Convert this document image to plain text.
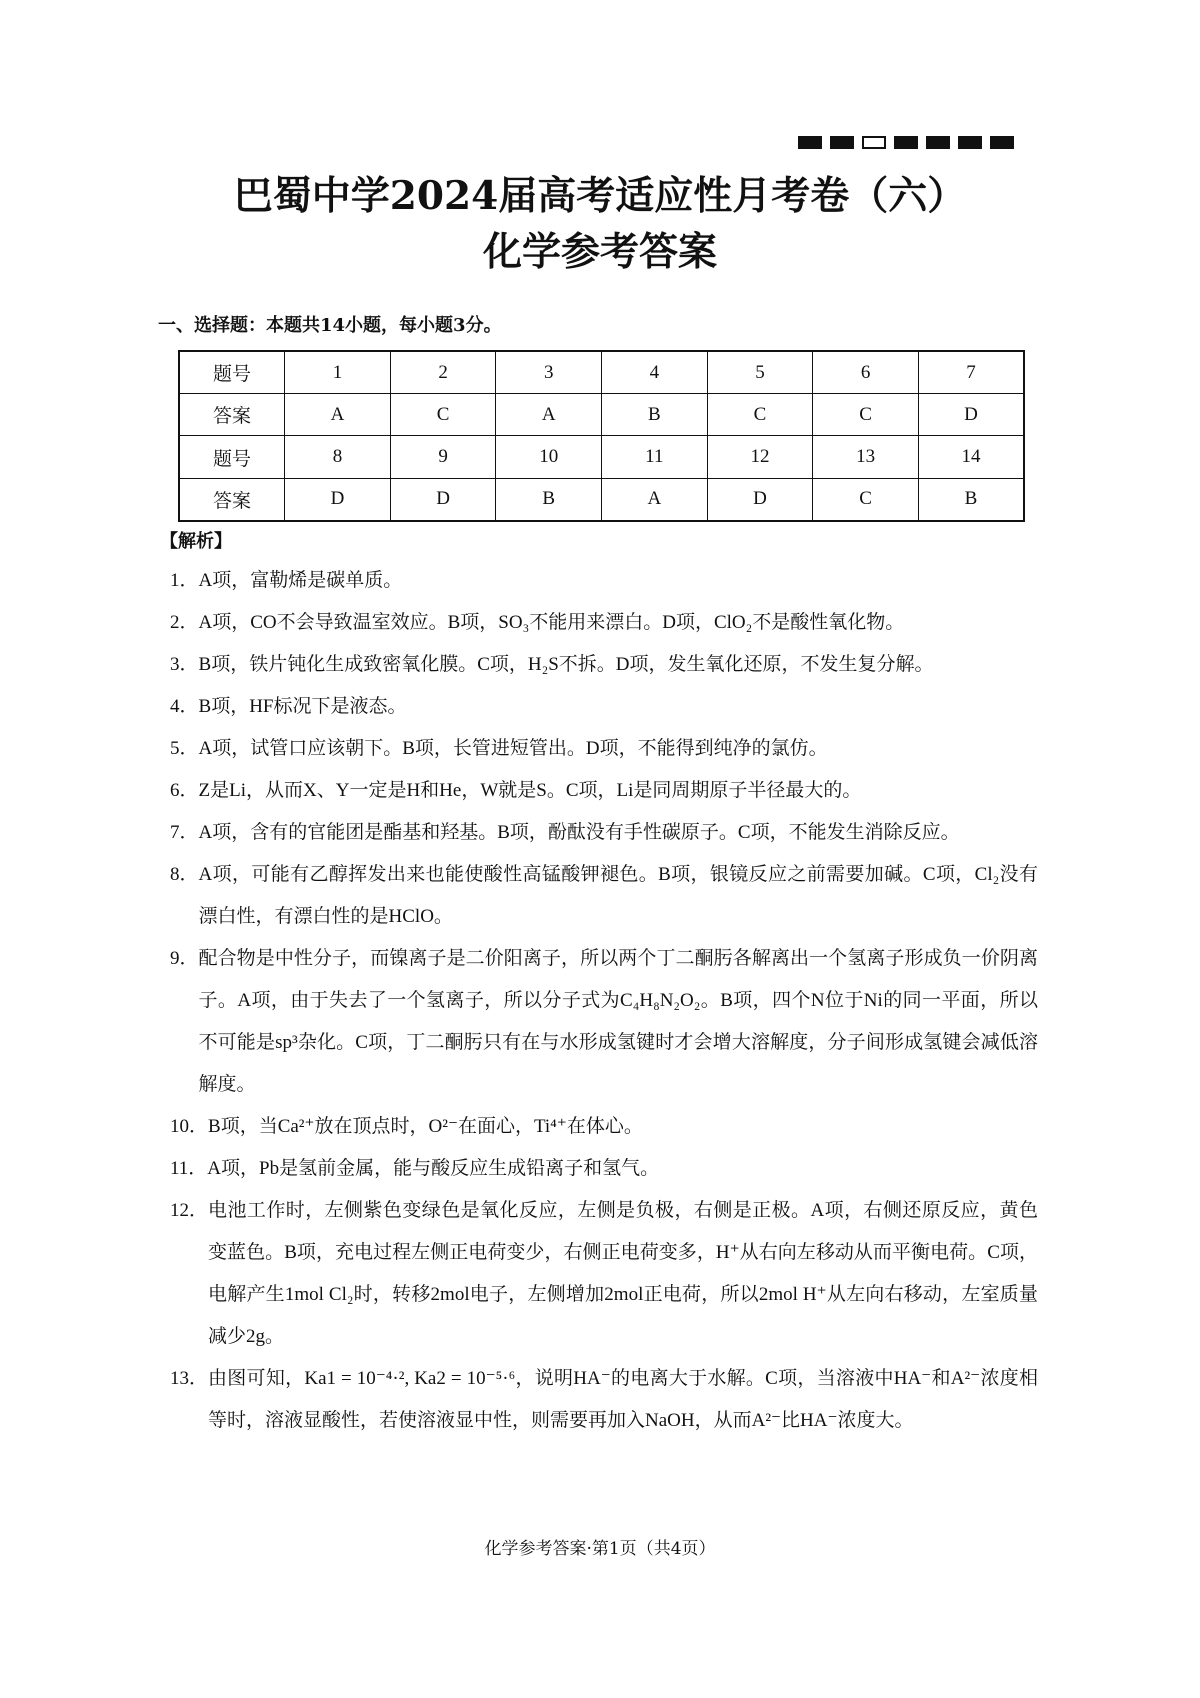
巴蜀中学2024届高考适应性月考卷（六）
化学参考答案
一、选择题：本题共14小题，每小题3分。
题号	1	2	3	4	5	6	7
答案	A	C	A	B	C	C	D
题号	8	9	10	11	12	13	14
答案	D	D	B	A	D	C	B
【解析】
1． A项，富勒烯是碳单质。
2． A项，CO不会导致温室效应。B项，SO₃不能用来漂白。D项，ClO₂不是酸性氧化物。
3． B项，铁片钝化生成致密氧化膜。C项，H₂S不拆。D项，发生氧化还原，不发生复分解。
4． B项，HF标况下是液态。
5． A项，试管口应该朝下。B项，长管进短管出。D项，不能得到纯净的氯仿。
6． Z是Li，从而X、Y一定是H和He，W就是S。C项，Li是同周期原子半径最大的。
7． A项，含有的官能团是酯基和羟基。B项，酚酞没有手性碳原子。C项，不能发生消除反应。
8． A项，可能有乙醇挥发出来也能使酸性高锰酸钾褪色。B项，银镜反应之前需要加碱。C项，Cl₂没有漂白性，有漂白性的是HClO。
9． 配合物是中性分子，而镍离子是二价阳离子，所以两个丁二酮肟各解离出一个氢离子形成负一价阴离子。A项，由于失去了一个氢离子，所以分子式为C₄H₈N₂O₂。B项，四个N位于Ni的同一平面，所以不可能是sp³杂化。C项，丁二酮肟只有在与水形成氢键时才会增大溶解度，分子间形成氢键会减低溶解度。
10． B项，当Ca²⁺放在顶点时，O²⁻在面心，Ti⁴⁺在体心。
11． A项，Pb是氢前金属，能与酸反应生成铅离子和氢气。
12． 电池工作时，左侧紫色变绿色是氧化反应，左侧是负极，右侧是正极。A项，右侧还原反应，黄色变蓝色。B项，充电过程左侧正电荷变少，右侧正电荷变多，H⁺从右向左移动从而平衡电荷。C项，电解产生1mol Cl₂时，转移2mol电子，左侧增加2mol正电荷，所以2mol H⁺从左向右移动，左室质量减少2g。
13． 由图可知，Ka1 = 10⁻⁴·², Ka2 = 10⁻⁵·⁶，说明HA⁻的电离大于水解。C项，当溶液中HA⁻和A²⁻浓度相等时，溶液显酸性，若使溶液显中性，则需要再加入NaOH，从而A²⁻比HA⁻浓度大。
化学参考答案·第1页（共4页）
